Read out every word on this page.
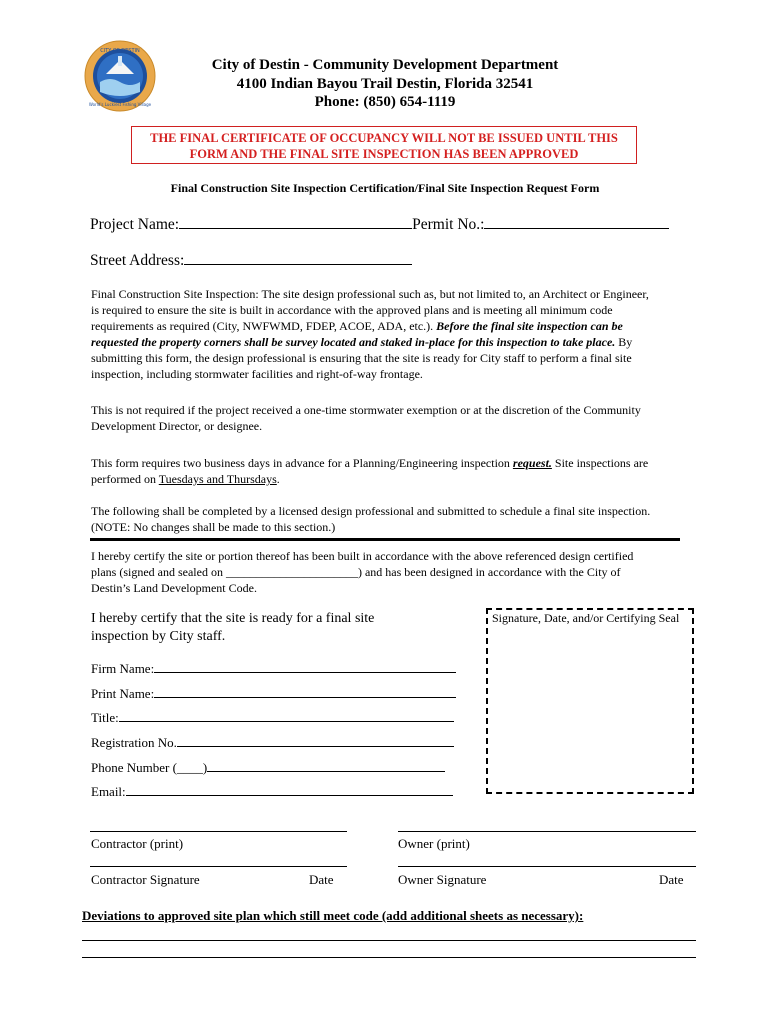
CITY OF DESTIN
World's Luckiest Fishing Village
City of Destin - Community Development Department
4100 Indian Bayou Trail Destin, Florida 32541
Phone: (850) 654-1119
THE FINAL CERTIFICATE OF OCCUPANCY WILL NOT BE ISSUED UNTIL THIS
FORM AND THE FINAL SITE INSPECTION HAS BEEN APPROVED
Final Construction Site Inspection Certification/Final Site Inspection Request Form
Project Name:	Permit No.:
Street Address:
Final Construction Site Inspection: The site design professional such as, but not limited to, an Architect or Engineer,
is required to ensure the site is built in accordance with the approved plans and is meeting all minimum code
requirements as required (City, NWFWMD, FDEP, ACOE, ADA, etc.). Before the final site inspection can be
requested the property corners shall be survey located and staked in-place for this inspection to take place. By
submitting this form, the design professional is ensuring that the site is ready for City staff to perform a final site
inspection, including stormwater facilities and right-of-way frontage.
This is not required if the project received a one-time stormwater exemption or at the discretion of the Community
Development Director, or designee.
This form requires two business days in advance for a Planning/Engineering inspection request. Site inspections are
performed on Tuesdays and Thursdays.
The following shall be completed by a licensed design professional and submitted to schedule a final site inspection.
(NOTE: No changes shall be made to this section.)
I hereby certify the site or portion thereof has been built in accordance with the above referenced design certified
plans (signed and sealed on ______________________) and has been designed in accordance with the City of
Destin’s Land Development Code.
I hereby certify that the site is ready for a final site
inspection by City staff.
Signature, Date, and/or Certifying Seal
Firm Name:
Print Name:
Title:
Registration No.
Phone Number (____)
Email:
Contractor (print)	Owner (print)
Contractor Signature	Date	Owner Signature	Date
Deviations to approved site plan which still meet code (add additional sheets as necessary):
